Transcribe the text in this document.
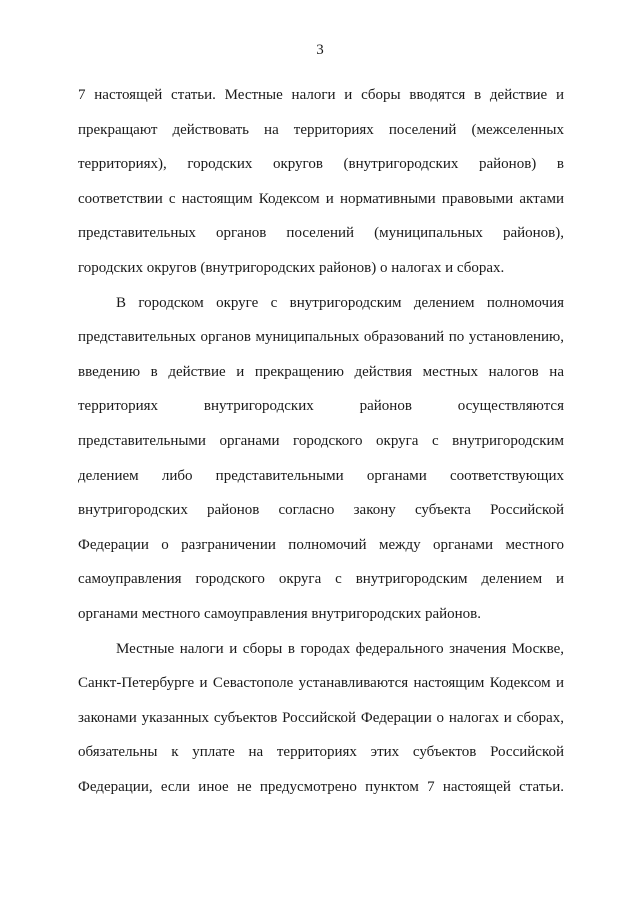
3
7 настоящей статьи. Местные налоги и сборы вводятся в действие и
прекращают действовать на территориях поселений (межселенных
территориях), городских округов (внутригородских районов) в
соответствии с настоящим Кодексом и нормативными правовыми актами
представительных органов поселений (муниципальных районов),
городских округов (внутригородских районов) о налогах и сборах.
В городском округе с внутригородским делением полномочия
представительных органов муниципальных образований по установлению,
введению в действие и прекращению действия местных налогов на
территориях внутригородских районов осуществляются
представительными органами городского округа с внутригородским
делением либо представительными органами соответствующих
внутригородских районов согласно закону субъекта Российской
Федерации о разграничении полномочий между органами местного
самоуправления городского округа с внутригородским делением и
органами местного самоуправления внутригородских районов.
Местные налоги и сборы в городах федерального значения Москве,
Санкт-Петербурге и Севастополе устанавливаются настоящим Кодексом и
законами указанных субъектов Российской Федерации о налогах и сборах,
обязательны к уплате на территориях этих субъектов Российской
Федерации, если иное не предусмотрено пунктом 7 настоящей статьи.
